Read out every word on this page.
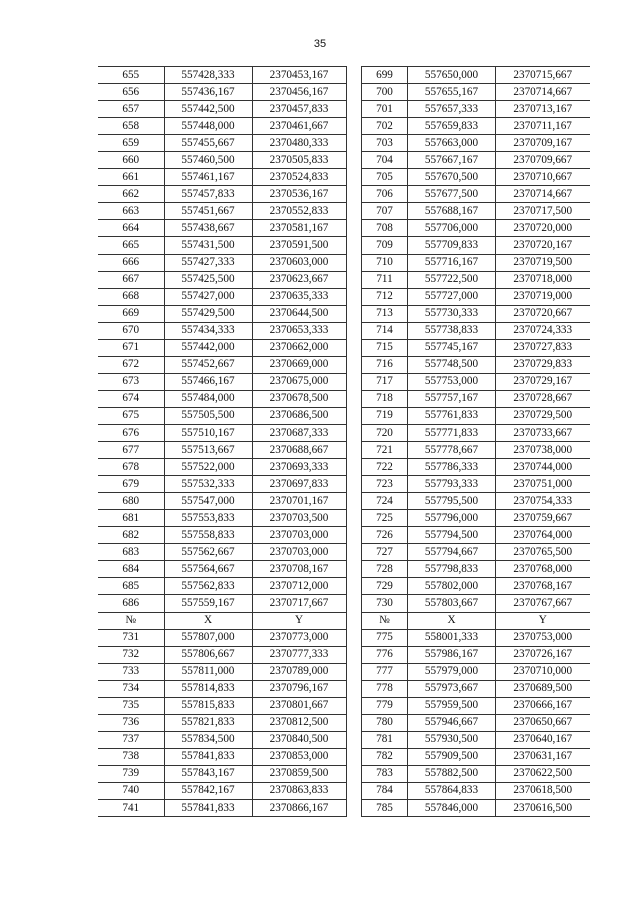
35
655	557428,333	2370453,167
656	557436,167	2370456,167
657	557442,500	2370457,833
658	557448,000	2370461,667
659	557455,667	2370480,333
660	557460,500	2370505,833
661	557461,167	2370524,833
662	557457,833	2370536,167
663	557451,667	2370552,833
664	557438,667	2370581,167
665	557431,500	2370591,500
666	557427,333	2370603,000
667	557425,500	2370623,667
668	557427,000	2370635,333
669	557429,500	2370644,500
670	557434,333	2370653,333
671	557442,000	2370662,000
672	557452,667	2370669,000
673	557466,167	2370675,000
674	557484,000	2370678,500
675	557505,500	2370686,500
676	557510,167	2370687,333
677	557513,667	2370688,667
678	557522,000	2370693,333
679	557532,333	2370697,833
680	557547,000	2370701,167
681	557553,833	2370703,500
682	557558,833	2370703,000
683	557562,667	2370703,000
684	557564,667	2370708,167
685	557562,833	2370712,000
686	557559,167	2370717,667
№	X	Y
731	557807,000	2370773,000
732	557806,667	2370777,333
733	557811,000	2370789,000
734	557814,833	2370796,167
735	557815,833	2370801,667
736	557821,833	2370812,500
737	557834,500	2370840,500
738	557841,833	2370853,000
739	557843,167	2370859,500
740	557842,167	2370863,833
741	557841,833	2370866,167
699	557650,000	2370715,667
700	557655,167	2370714,667
701	557657,333	2370713,167
702	557659,833	2370711,167
703	557663,000	2370709,167
704	557667,167	2370709,667
705	557670,500	2370710,667
706	557677,500	2370714,667
707	557688,167	2370717,500
708	557706,000	2370720,000
709	557709,833	2370720,167
710	557716,167	2370719,500
711	557722,500	2370718,000
712	557727,000	2370719,000
713	557730,333	2370720,667
714	557738,833	2370724,333
715	557745,167	2370727,833
716	557748,500	2370729,833
717	557753,000	2370729,167
718	557757,167	2370728,667
719	557761,833	2370729,500
720	557771,833	2370733,667
721	557778,667	2370738,000
722	557786,333	2370744,000
723	557793,333	2370751,000
724	557795,500	2370754,333
725	557796,000	2370759,667
726	557794,500	2370764,000
727	557794,667	2370765,500
728	557798,833	2370768,000
729	557802,000	2370768,167
730	557803,667	2370767,667
№	X	Y
775	558001,333	2370753,000
776	557986,167	2370726,167
777	557979,000	2370710,000
778	557973,667	2370689,500
779	557959,500	2370666,167
780	557946,667	2370650,667
781	557930,500	2370640,167
782	557909,500	2370631,167
783	557882,500	2370622,500
784	557864,833	2370618,500
785	557846,000	2370616,500
